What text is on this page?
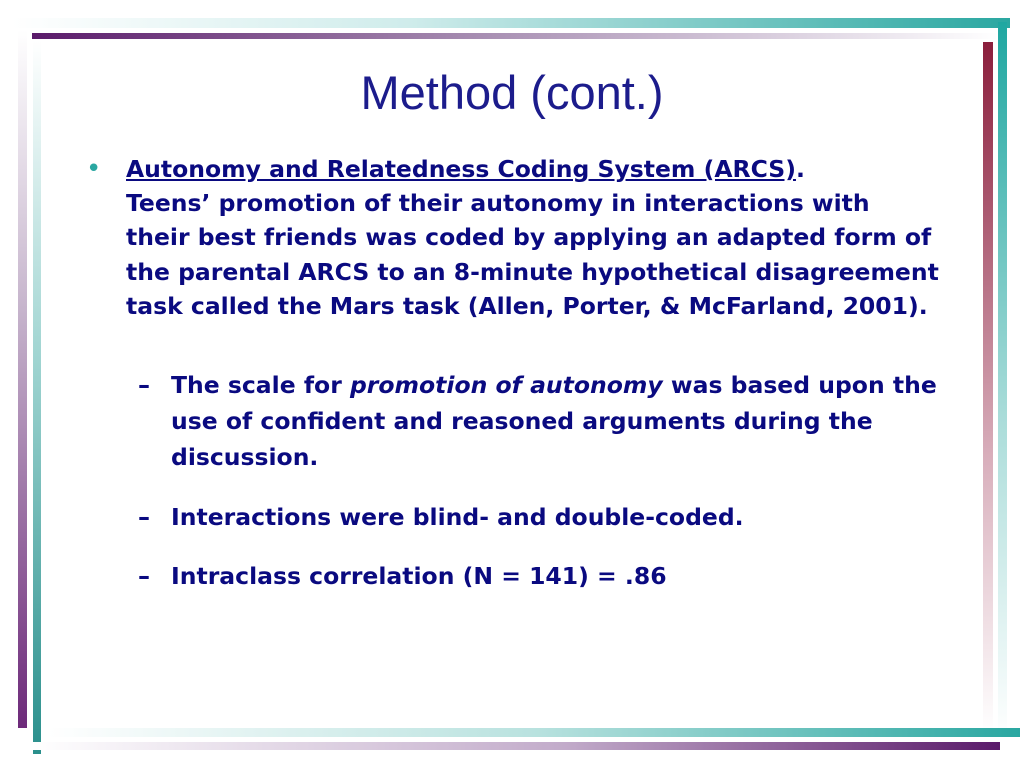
Method (cont.)
• Autonomy and Relatedness Coding System (ARCS).
Teens’ promotion of their autonomy in interactions with their best friends was coded by applying an adapted form of the parental ARCS to an 8-minute hypothetical disagreement task called the Mars task (Allen, Porter, & McFarland, 2001).
– The scale for promotion of autonomy was based upon the use of confident and reasoned arguments during the discussion.
– Interactions were blind- and double-coded.
– Intraclass correlation (N = 141) = .86
